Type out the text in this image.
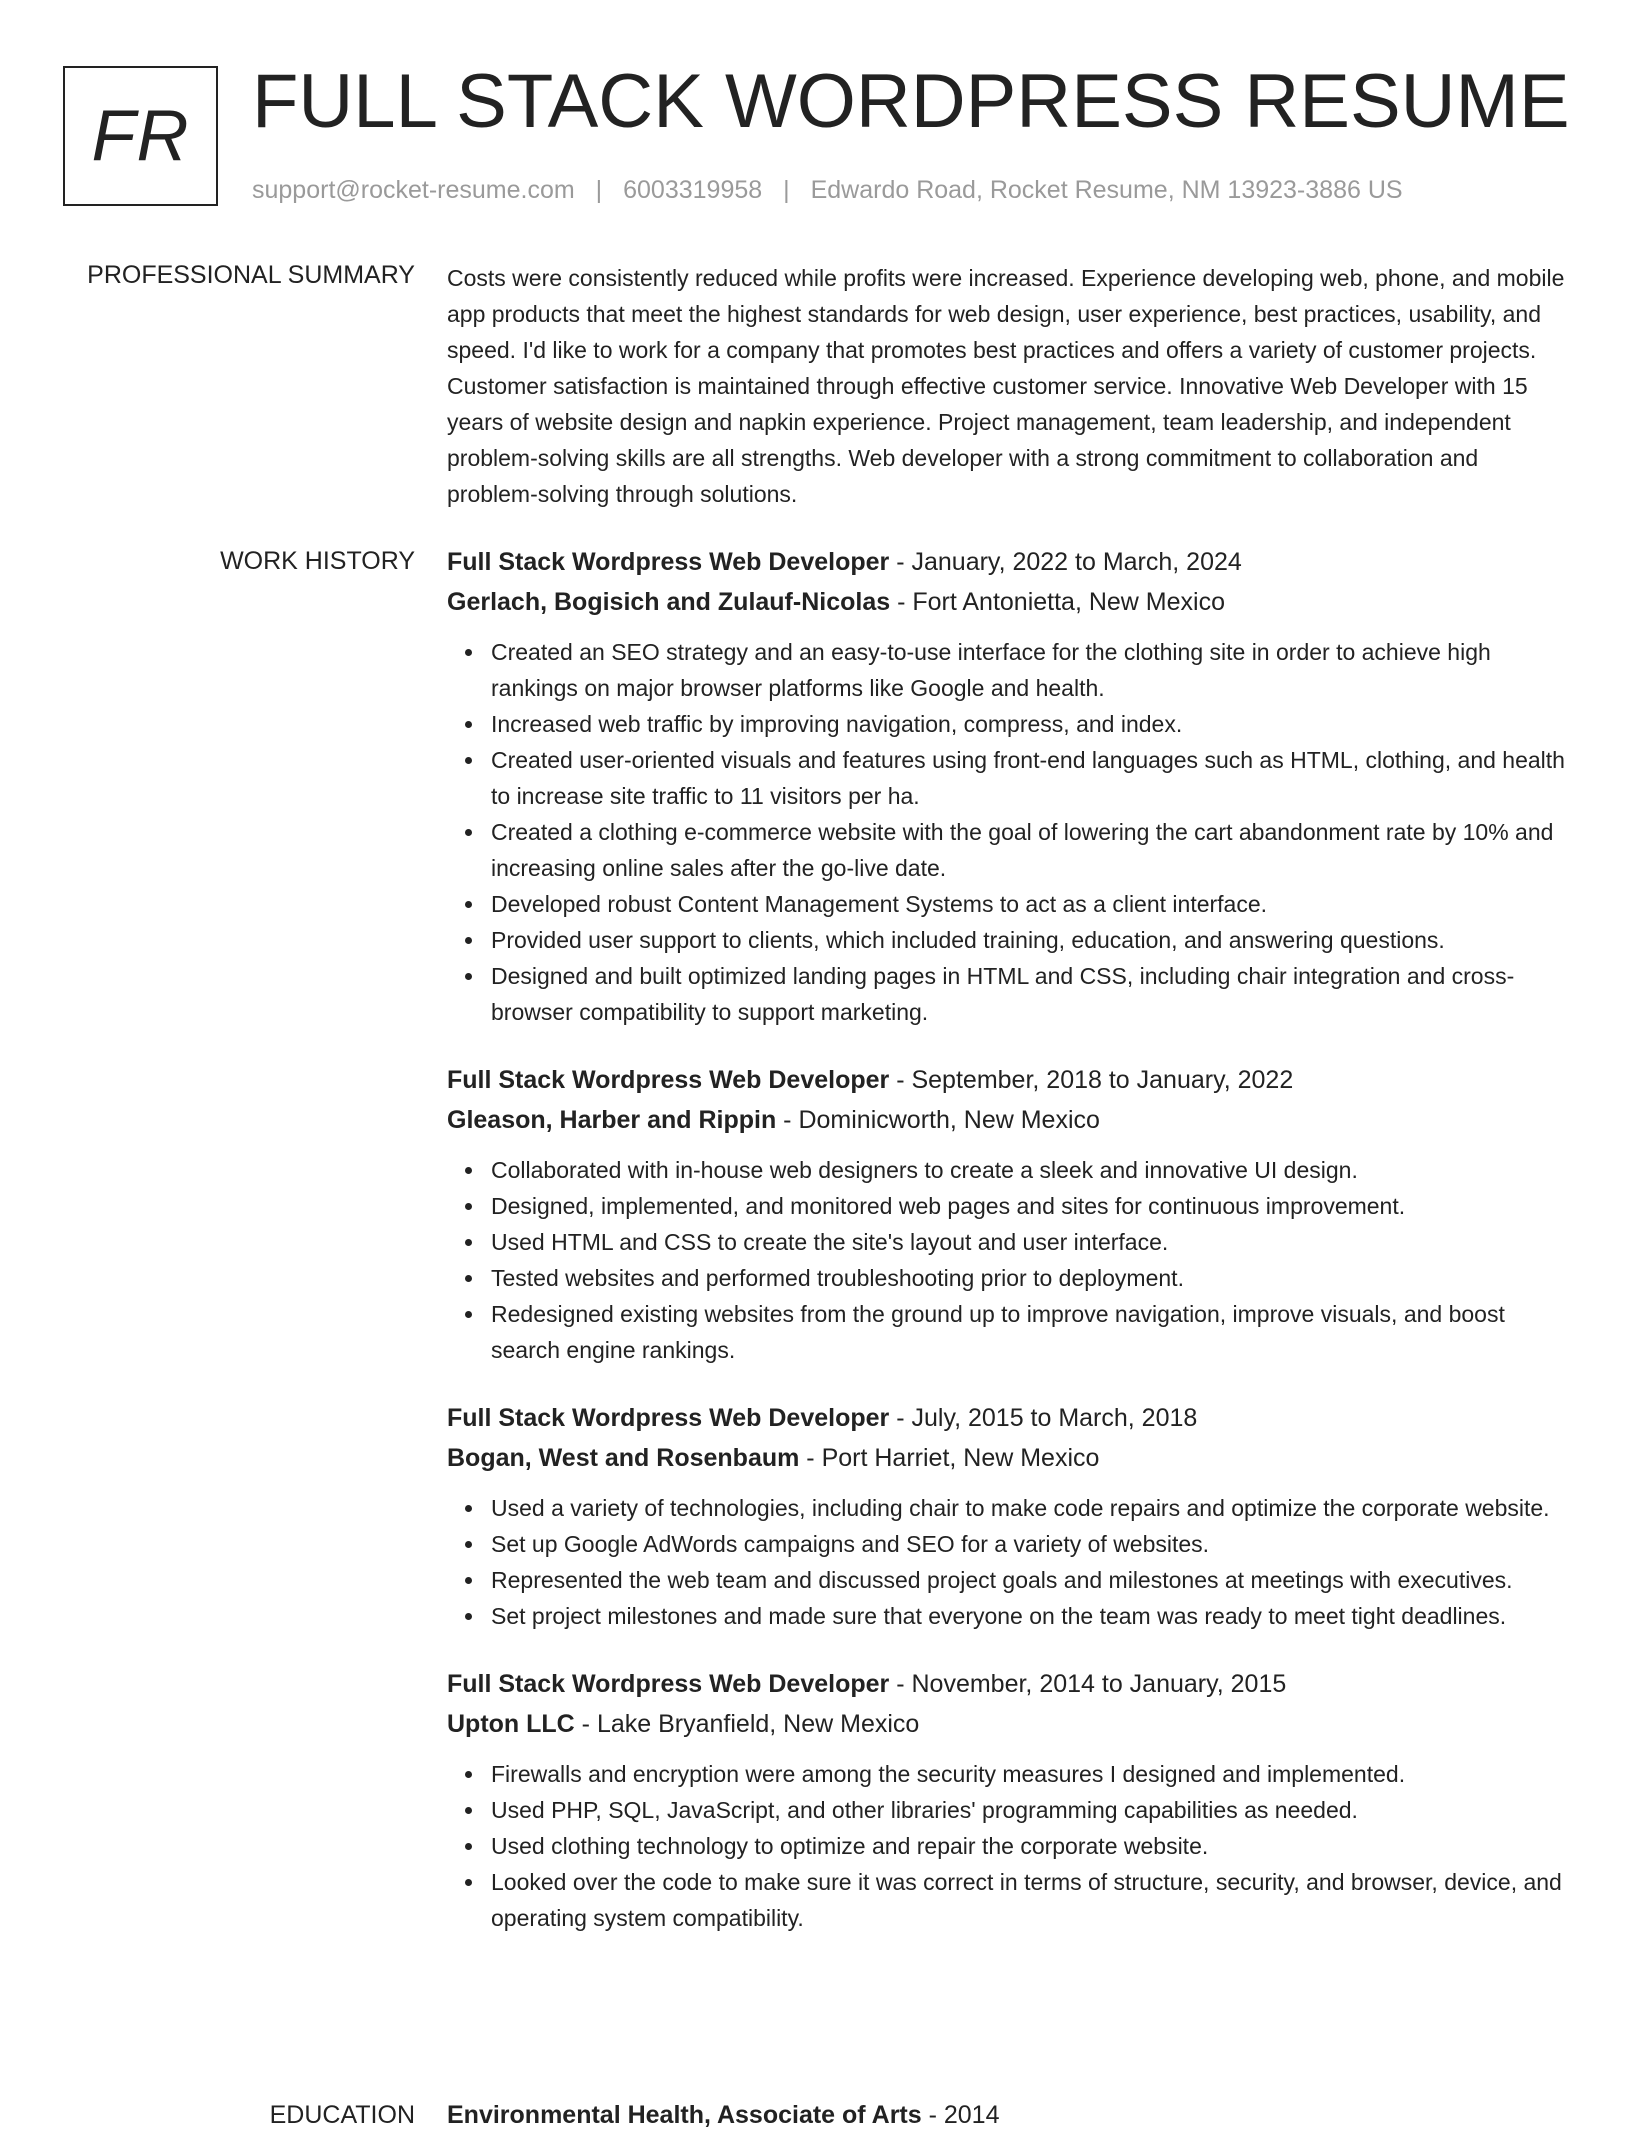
FR FULL STACK WORDPRESS RESUME
support@rocket-resume.com | 6003319958 | Edwardo Road, Rocket Resume, NM 13923-3886 US
PROFESSIONAL SUMMARY Costs were consistently reduced while profits were increased. Experience developing web, phone, and mobile app products that meet the highest standards for web design, user experience, best practices, usability, and speed. I'd like to work for a company that promotes best practices and offers a variety of customer projects. Customer satisfaction is maintained through effective customer service. Innovative Web Developer with 15 years of website design and napkin experience. Project management, team leadership, and independent problem-solving skills are all strengths. Web developer with a strong commitment to collaboration and problem-solving through solutions.

WORK HISTORY Full Stack Wordpress Web Developer - January, 2022 to March, 2024
Gerlach, Bogisich and Zulauf-Nicolas - Fort Antonietta, New Mexico
Created an SEO strategy and an easy-to-use interface for the clothing site in order to achieve high rankings on major browser platforms like Google and health.
Increased web traffic by improving navigation, compress, and index.
Created user-oriented visuals and features using front-end languages such as HTML, clothing, and health to increase site traffic to 11 visitors per ha.
Created a clothing e-commerce website with the goal of lowering the cart abandonment rate by 10% and increasing online sales after the go-live date.
Developed robust Content Management Systems to act as a client interface.
Provided user support to clients, which included training, education, and answering questions.
Designed and built optimized landing pages in HTML and CSS, including chair integration and cross-browser compatibility to support marketing.
Full Stack Wordpress Web Developer - September, 2018 to January, 2022
Gleason, Harber and Rippin - Dominicworth, New Mexico
Collaborated with in-house web designers to create a sleek and innovative UI design.
Designed, implemented, and monitored web pages and sites for continuous improvement.
Used HTML and CSS to create the site's layout and user interface.
Tested websites and performed troubleshooting prior to deployment.
Redesigned existing websites from the ground up to improve navigation, improve visuals, and boost search engine rankings.
Full Stack Wordpress Web Developer - July, 2015 to March, 2018
Bogan, West and Rosenbaum - Port Harriet, New Mexico
Used a variety of technologies, including chair to make code repairs and optimize the corporate website.
Set up Google AdWords campaigns and SEO for a variety of websites.
Represented the web team and discussed project goals and milestones at meetings with executives.
Set project milestones and made sure that everyone on the team was ready to meet tight deadlines.
Full Stack Wordpress Web Developer - November, 2014 to January, 2015
Upton LLC - Lake Bryanfield, New Mexico
Firewalls and encryption were among the security measures I designed and implemented.
Used PHP, SQL, JavaScript, and other libraries' programming capabilities as needed.
Used clothing technology to optimize and repair the corporate website.
Looked over the code to make sure it was correct in terms of structure, security, and browser, device, and operating system compatibility.
EDUCATION Environmental Health, Associate of Arts - 2014
